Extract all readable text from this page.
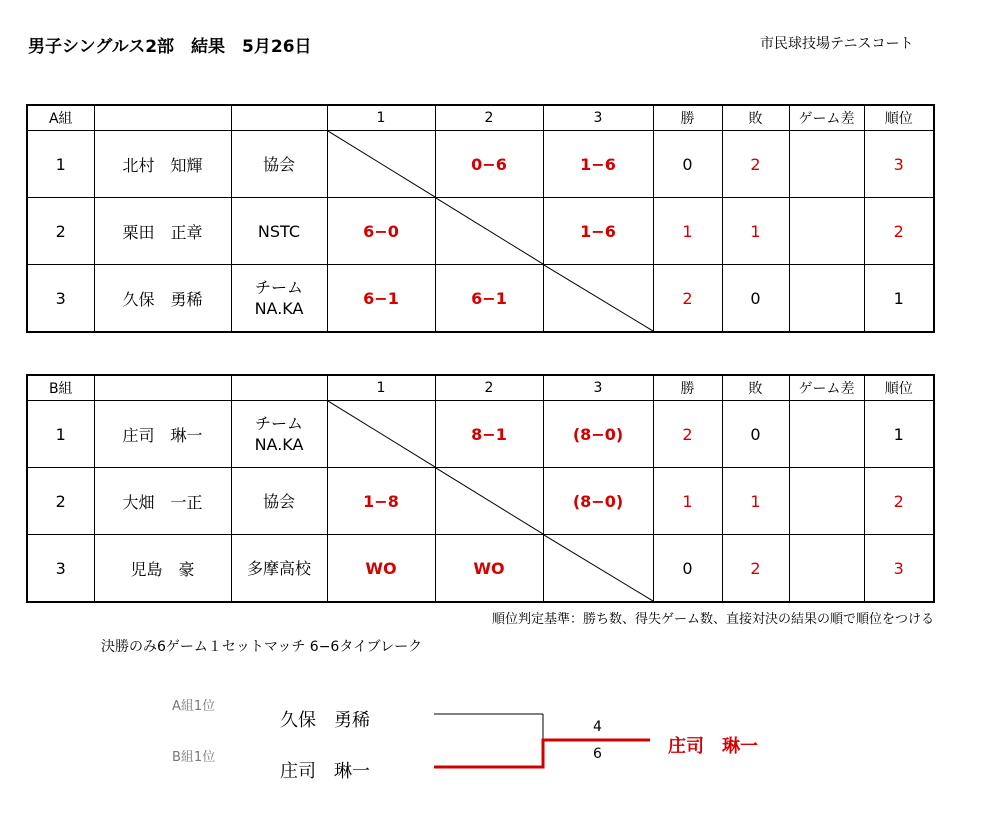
男子シングルス2部　結果　5月26日	市民球技場テニスコート
A組			1	2	3	勝	敗	ゲーム差	順位
1	北村　知輝	協会		0−6	1−6	0	2		3
2	栗田　正章	NSTC	6−0		1−6	1	1		2
3	久保　勇稀	チーム
NA.KA	6−1	6−1		2	0		1
B組			1	2	3	勝	敗	ゲーム差	順位
1	庄司　琳一	チーム
NA.KA		8−1	(8−0)	2	0		1
2	大畑　一正	協会	1−8		(8−0)	1	1		2
3	児島　豪	多摩高校	WO	WO		0	2		3
順位判定基準：勝ち数、得失ゲーム数、直接対決の結果の順で順位をつける
決勝のみ6ゲーム１セットマッチ 6−6タイブレーク
A組1位
B組1位
久保　勇稀
庄司　琳一
4
6	庄司　琳一
